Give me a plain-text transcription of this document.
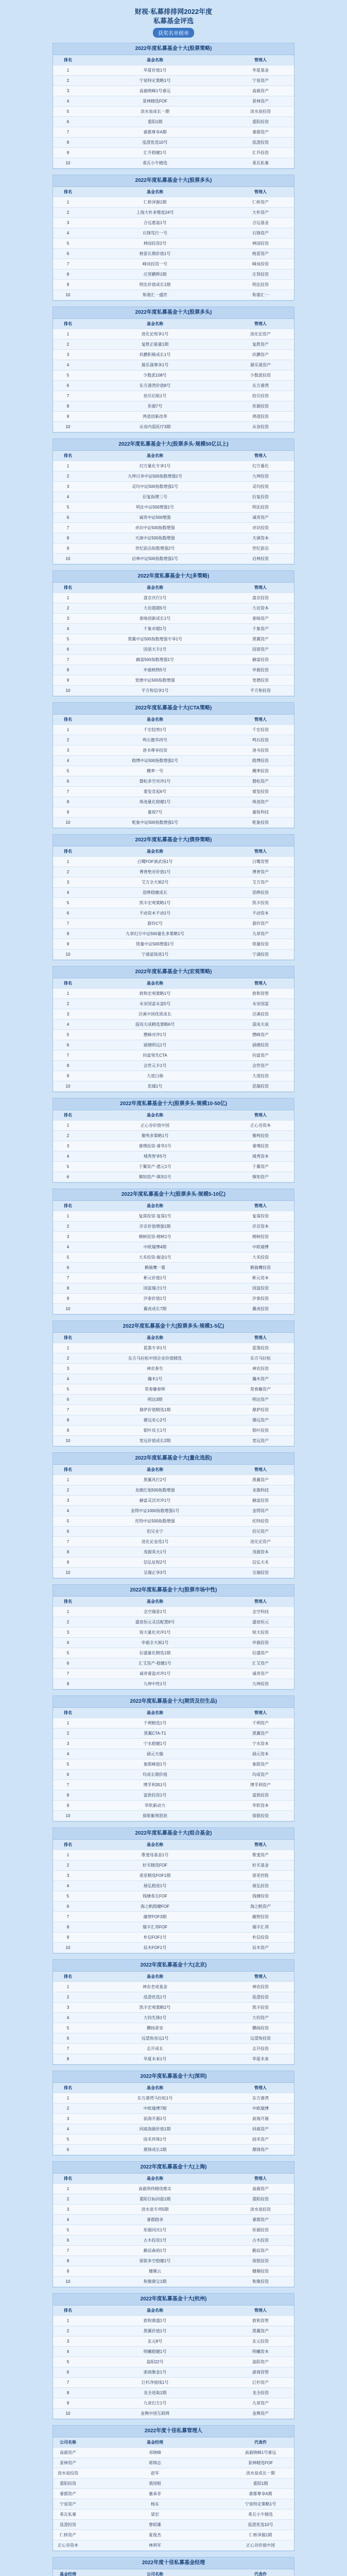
财视·私募排排网2022年度
私募基金评选
获奖名单榜单
2022年度私募基金十大(股票策略)
排名	基金名称	管理人
1	华夏价值1号	华夏基金
2	宁泉特定策略1号	宁泉资产
3	高毅晓峰1号睿远	高毅资产
4	景林精选FOF	景林资产
5	淡水泉成长一期	淡水泉投资
6	重阳1期	重阳投资
7	睿郡尊享A期	睿郡资产
8	泓澄优选10号	泓澄投资
9	汇升稳健1号	汇升投资
10	希瓦小牛精选	希瓦私募
2022年度私募基金十大(股票多头)
排名	基金名称	管理人
1	仁桥泽源1期	仁桥资产
2	上海大朴多维度24号	大朴资产
3	合远惠盈1号	合远基金
4	石锋笃行一号	石锋资产
5	林园投资2号	林园投资
6	格雷长期价值1号	格雷资产
7	峰岚投资一号	峰岚投资
8	庄贤鹏辉1期	庄贤投资
9	明汯价值成长1期	明汯投资
10	和谐汇一盛世	和谐汇一
2022年度私募基金十大(股票多头)
排名	基金名称	管理人
1	进化论悦享1号	进化论资产
2	复胜正能量1期	复胜资产
3	玖鹏积极成长1号	玖鹏资产
4	源乐晟尊享1号	源乐晟资产
5	少数派108号	少数派投资
6	东方港湾价值8号	东方港湾
7	拾贝衍航1号	拾贝投资
8	彤源7号	彤源投资
9	鸿道创新改革	鸿道投资
10	从容内需医疗3期	从容投资
2022年度私募基金十大(股票多头·规模50亿以上)
排名	基金名称	管理人
1	幻方量化专享1号	幻方量化
2	九坤日享中证500指数增强1号	九坤投资
3	灵均中证500指数增强1号	灵均投资
4	衍复指增三号	衍复投资
5	明汯中证500增强1号	明汯投资
6	诚奇中证500增强	诚奇资产
7	卓识中证500指数增强	卓识投资
8	天演中证500指数增强	天演资本
9	世纪前沿指数增强2号	世纪前沿
10	启林中证500指数增强1号	启林投资
2022年度私募基金十大(多策略)
排名	基金名称	管理人
1	盘京庆行1号	盘京投资
2	大岩超越5号	大岩资本
3	泰旸创新成长1号	泰旸资产
4	千象卓越1号	千象资产
5	黑翼中证500指数增强专享1号	黑翼资产
6	因诺天丰1号	因诺资产
7	赫富500指数增强1号	赫富投资
8	申毅格物5号	申毅投资
9	宽德中证500指数增强	宽德投资
10	平方和信享1号	平方和投资
2022年度私募基金十大(CTA策略)
排名	基金名称	管理人
1	千宏趋势1号	千宏投资
2	鸣石傲华四号	鸣石投资
3	洛书尊享投资	洛书投资
4	稳博中证500指数增强1号	稳博投资
5	概率一号	概率投资
6	磐松多空对冲1号	磐松资产
7	蒙玺竞起6号	蒙玺投资
8	珠池量化稳健1号	珠池资产
9	量锐7号	量锐科技
10	乾象中证500指数增强1号	乾象投资
2022年度私募基金十大(债券策略)
排名	基金名称	管理人
1	白鹭FOF演武场1号	白鹭资管
2	博普绝对价值1号	博普资产
3	艾方全天候2号	艾方资产
4	思晔稳健成长	思晔投资
5	凯丰宏观策略1号	凯丰投资
6	不动资本不动1号	不动资本
7	悬铃C号	悬铃资产
8	九章幻方中证500量化多策略1号	九章资产
9	铭量中证500增强1号	铭量投资
10	宁涌富锐进1号	宁涌投资
2022年度私募基金十大(宏观策略)
排名	基金名称	管理人
1	敦和宏观策略1号	敦和资管
2	永安国富永富5号	永安国富
3	泾溪中国优质成长	泾溪投资
4	混沌天成精选策略6号	混沌天成
5	懋峰对冲1号	懋峰资产
6	涵德明远1号	涵德投资
7	钧富领先CTA	钧富资产
8	会世元丰1号	会世资产
9	大道白驹	大道投资
10	思瑞1号	思瑞投资
2022年度私募基金十大(股票多头·规模10-50亿)
排名	基金名称	管理人
1	正心谷价值中国	正心谷资本
2	聚鸣多策略1号	聚鸣投资
3	睿璞投资-睿华1号	睿璞投资
4	域秀智享5号	域秀资本
5	于翼资产-惠元1号	于翼资产
6	慎知资产-慎知1号	慎知资产
2022年度私募基金十大(股票多头·规模5-10亿)
排名	基金名称	管理人
1	复霈投资-复霈1号	复霈投资
2	沣京价值增强1期	沣京资本
3	榕树投资-榕树1号	榕树投资
4	中欧瑞博4期	中欧瑞博
5	大禾投资-掘金1号	大禾投资
6	鹤骑鹰一粟	鹤骑鹰投资
7	彬元价值1号	彬元资本
8	国富瑞合1号	国富投资
9	汐泰价值1号	汐泰投资
10	翼虎成长7期	翼虎投资
2022年度私募基金十大(股票多头·规模1-5亿)
排名	基金名称	管理人
1	蓝墨专享1号	蓝墨投资
2	东方马拉松中国企业价值精选	东方马拉松
3	神农春生	神农投资
4	瀚木1号	瀚木资产
5	常春藤春晖	常春藤资产
6	明达3期	明达资产
7	鼎萨价值精选1期	鼎萨投资
8	循远安心2号	循远资产
9	银叶攻玉1号	银叶投资
10	宽远价值成长2期	宽远资产
2022年度私募基金十大(量化选股)
排名	基金名称	管理人
1	黑翼风行2号	黑翼资产
2	龙旗红旭500指数增强	龙旗科技
3	赫富灵活对冲1号	赫富投资
4	金锝中证1000指数增强1号	金锝资产
5	托特中证500指数增强	托特投资
6	伯兄永宁	伯兄资产
7	进化论金选1号	进化论资产
8	茂源英火1号	茂源资本
9	信弘征程2号	信弘天禾
10	呈瑞正享3号	呈瑞投资
2022年度私募基金十大(股票市场中性)
排名	基金名称	管理人
1	念空瑞景1号	念空科技
2	盛泉恒元灵活配置8号	盛泉恒元
3	锐天量化对冲1号	锐天投资
4	申毅全天候1号	申毅投资
5	衍盛量化精选1期	衍盛资产
6	汇艾资产-稳健1号	汇艾资产
7	诚奇睿盈对冲1号	诚奇资产
8	九坤中性1号	九坤投资
2022年度私募基金十大(期货及衍生品)
排名	基金名称	管理人
1	千朔精选1号	千朔资产
2	黑翼CTA-T1	黑翼资产
3	宁水稳健1号	宁水资本
4	涵元天璇	涵元资本
5	象限峰值1号	象限资产
6	均成长期价值	均成资产
7	博孚利351号	博孚利资产
8	富敦投资1号	富敦投资
9	华软新动力	华软资本
10	保银紫荆怒放	保银投资
2022年度私募基金十大(组合基金)
排名	基金名称	管理人
1	歌斐母基金1号	歌斐资产
2	好买精选FOF	好买基金
3	诺亚精选FOF1期	诺亚控股
4	展弘稳进1号	展弘投资
5	钱塘希瓦FOF	钱塘投资
6	海之帆稳健FOF	海之帆资产
7	融智FOF3期	融智投资
8	瑞丰汇邦FOF	瑞丰汇邦
9	朴信FOF1号	朴信投资
10	辰木FOF1号	辰木资产
2022年度私募基金十大(北京)
排名	基金名称	管理人
1	神农老虎基金	神农投资
2	泓澄优选1号	泓澄投资
3	凯丰宏观策略2号	凯丰投资
4	大钧先锋1号	大钧资产
5	鹏扬景安	鹏扬投资
6	远望角容远1号	远望角投资
7	志开成长	志开投资
8	华夏未来1号	华夏未来
2022年度私募基金十大(深圳)
排名	基金名称	管理人
1	东方港湾马拉松1号	东方港湾
2	中欧瑞博7期	中欧瑞博
3	前海开源1号	前海开源
4	同威海源价值1期	同威资产
5	固禾珍珠1号	固禾资产
6	鼎锋成长1期	鼎锋资产
2022年度私募基金十大(上海)
排名	基金名称	管理人
1	高毅利伟精选唯实	高毅资产
2	重阳目标回报1期	重阳投资
3	淡水泉专项5期	淡水泉投资
4	睿郡稳享	睿郡资产
5	彤源同庆1号	彤源投资
6	古木投资1号	古木投资
7	勤辰森裕1号	勤辰资产
8	保银多空稳健1号	保银投资
9	健顺云	健顺投资
10	和聚鼎宝1期	和聚投资
2022年度私募基金十大(杭州)
排名	基金名称	管理人
1	敦和鼎盛1号	敦和资管
2	黑翼价值1号	黑翼资产
3	玄元8号	玄元投资
4	明曦稳健1号	明曦资本
5	盈阳22号	盈阳资产
6	浙商聚金1号	浙商资管
7	巨杉净值线1号	巨杉资产
8	龙全进取1期	龙全投资
9	九章幻方1号	九章资产
10	金舆中国互联网	金舆资产
2022年度十佳私募管理人
公司名称	基金经理	代表作
高毅资产	邓晓峰	高毅晓峰1号睿远
景林资产	蒋锦志	景林精选FOF
淡水泉投资	赵军	淡水泉成长一期
重阳投资	裘国根	重阳1期
睿郡资产	董承非	睿郡尊享A期
宁泉资产	杨东	宁泉特定策略1号
希瓦私募	梁宏	希瓦小牛精选
泓澄投资	曾昭雄	泓澄优选10号
仁桥资产	夏俊杰	仁桥泽源1期
正心谷资本	林利军	正心谷价值中国
2022年度十佳私募基金经理
基金经理	公司名称	代表作
